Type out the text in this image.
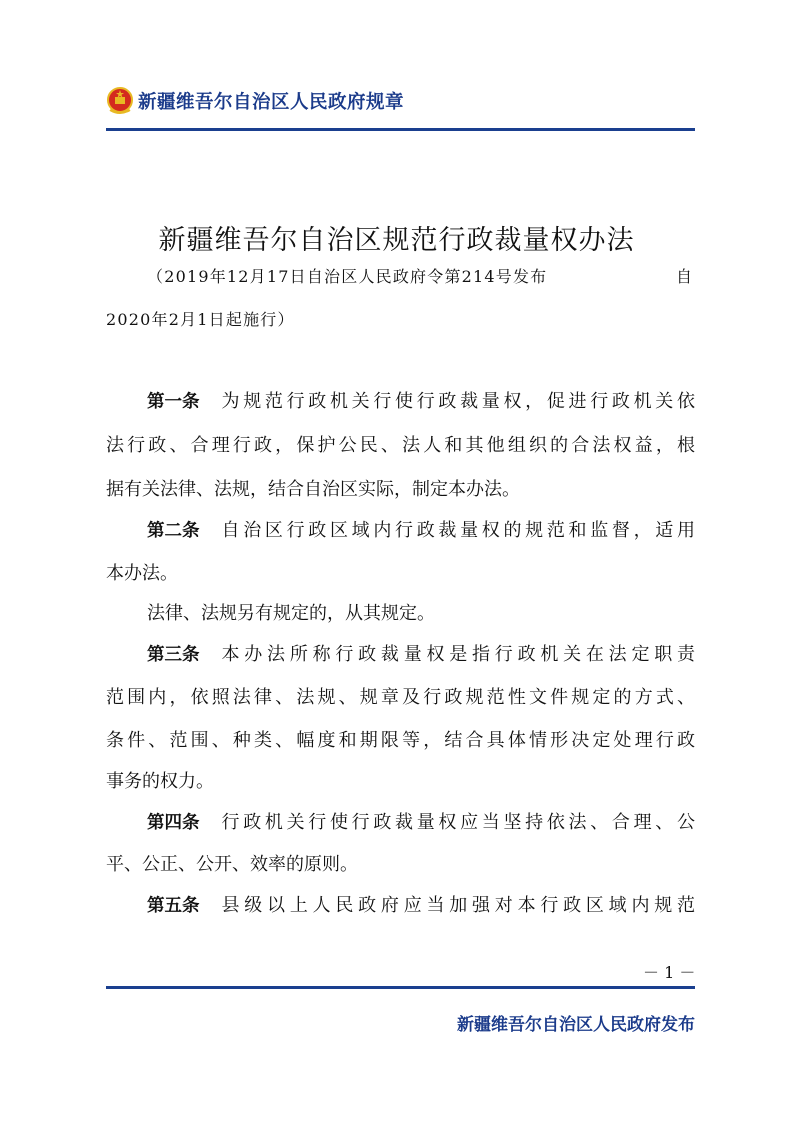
新疆维吾尔自治区人民政府规章
新疆维吾尔自治区规范行政裁量权办法
（2019年12月17日自治区人民政府令第214号发布	自
2020年2月1日起施行）
第一条 为规范行政机关行使行政裁量权，促进行政机关依
法行政、合理行政，保护公民、法人和其他组织的合法权益，根
据有关法律、法规，结合自治区实际，制定本办法。
第二条 自治区行政区域内行政裁量权的规范和监督，适用
本办法。
法律、法规另有规定的，从其规定。
第三条 本办法所称行政裁量权是指行政机关在法定职责
范围内，依照法律、法规、规章及行政规范性文件规定的方式、
条件、范围、种类、幅度和期限等，结合具体情形决定处理行政
事务的权力。
第四条 行政机关行使行政裁量权应当坚持依法、合理、公
平、公正、公开、效率的原则。
第五条 县级以上人民政府应当加强对本行政区域内规范
－ 1 －
新疆维吾尔自治区人民政府发布
